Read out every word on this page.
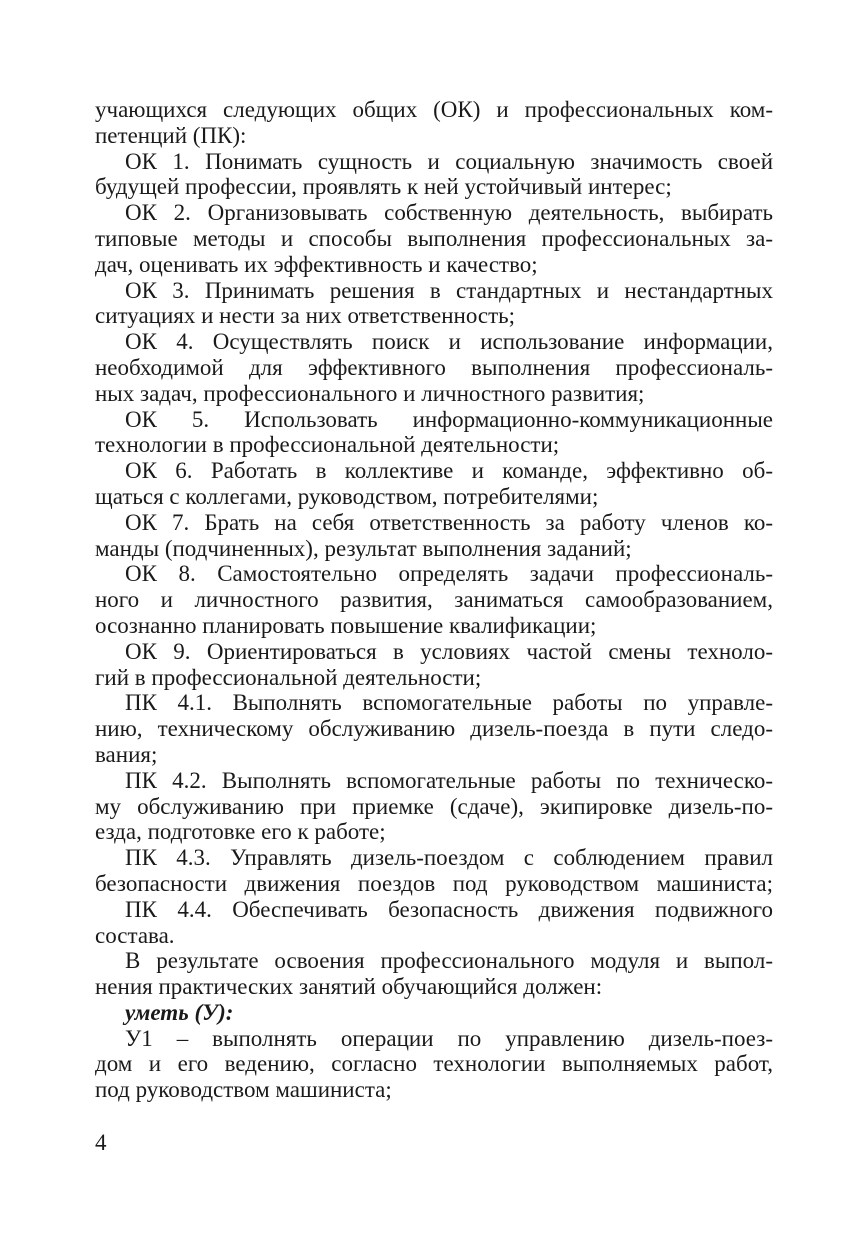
учающихся следующих общих (ОК) и профессиональных ком-
петенций (ПК):
ОК 1. Понимать сущность и социальную значимость своей
будущей профессии, проявлять к ней устойчивый интерес;
ОК 2. Организовывать собственную деятельность, выбирать
типовые методы и способы выполнения профессиональных за-
дач, оценивать их эффективность и качество;
ОК 3. Принимать решения в стандартных и нестандартных
ситуациях и нести за них ответственность;
ОК 4. Осуществлять поиск и использование информации,
необходимой для эффективного выполнения профессиональ-
ных задач, профессионального и личностного развития;
ОК 5. Использовать информационно-коммуникационные
технологии в профессиональной деятельности;
ОК 6. Работать в коллективе и команде, эффективно об-
щаться с коллегами, руководством, потребителями;
ОК 7. Брать на себя ответственность за работу членов ко-
манды (подчиненных), результат выполнения заданий;
ОК 8. Самостоятельно определять задачи профессиональ-
ного и личностного развития, заниматься самообразованием,
осознанно планировать повышение квалификации;
ОК 9. Ориентироваться в условиях частой смены техноло-
гий в профессиональной деятельности;
ПК 4.1. Выполнять вспомогательные работы по управле-
нию, техническому обслуживанию дизель-поезда в пути следо-
вания;
ПК 4.2. Выполнять вспомогательные работы по техническо-
му обслуживанию при приемке (сдаче), экипировке дизель-по-
езда, подготовке его к работе;
ПК 4.3. Управлять дизель-поездом с соблюдением правил
безопасности движения поездов под руководством машиниста;
ПК 4.4. Обеспечивать безопасность движения подвижного
состава.
В результате освоения профессионального модуля и выпол-
нения практических занятий обучающийся должен:
уметь (У):
У1 – выполнять операции по управлению дизель-поез-
дом и его ведению, согласно технологии выполняемых работ,
под руководством машиниста;
4
